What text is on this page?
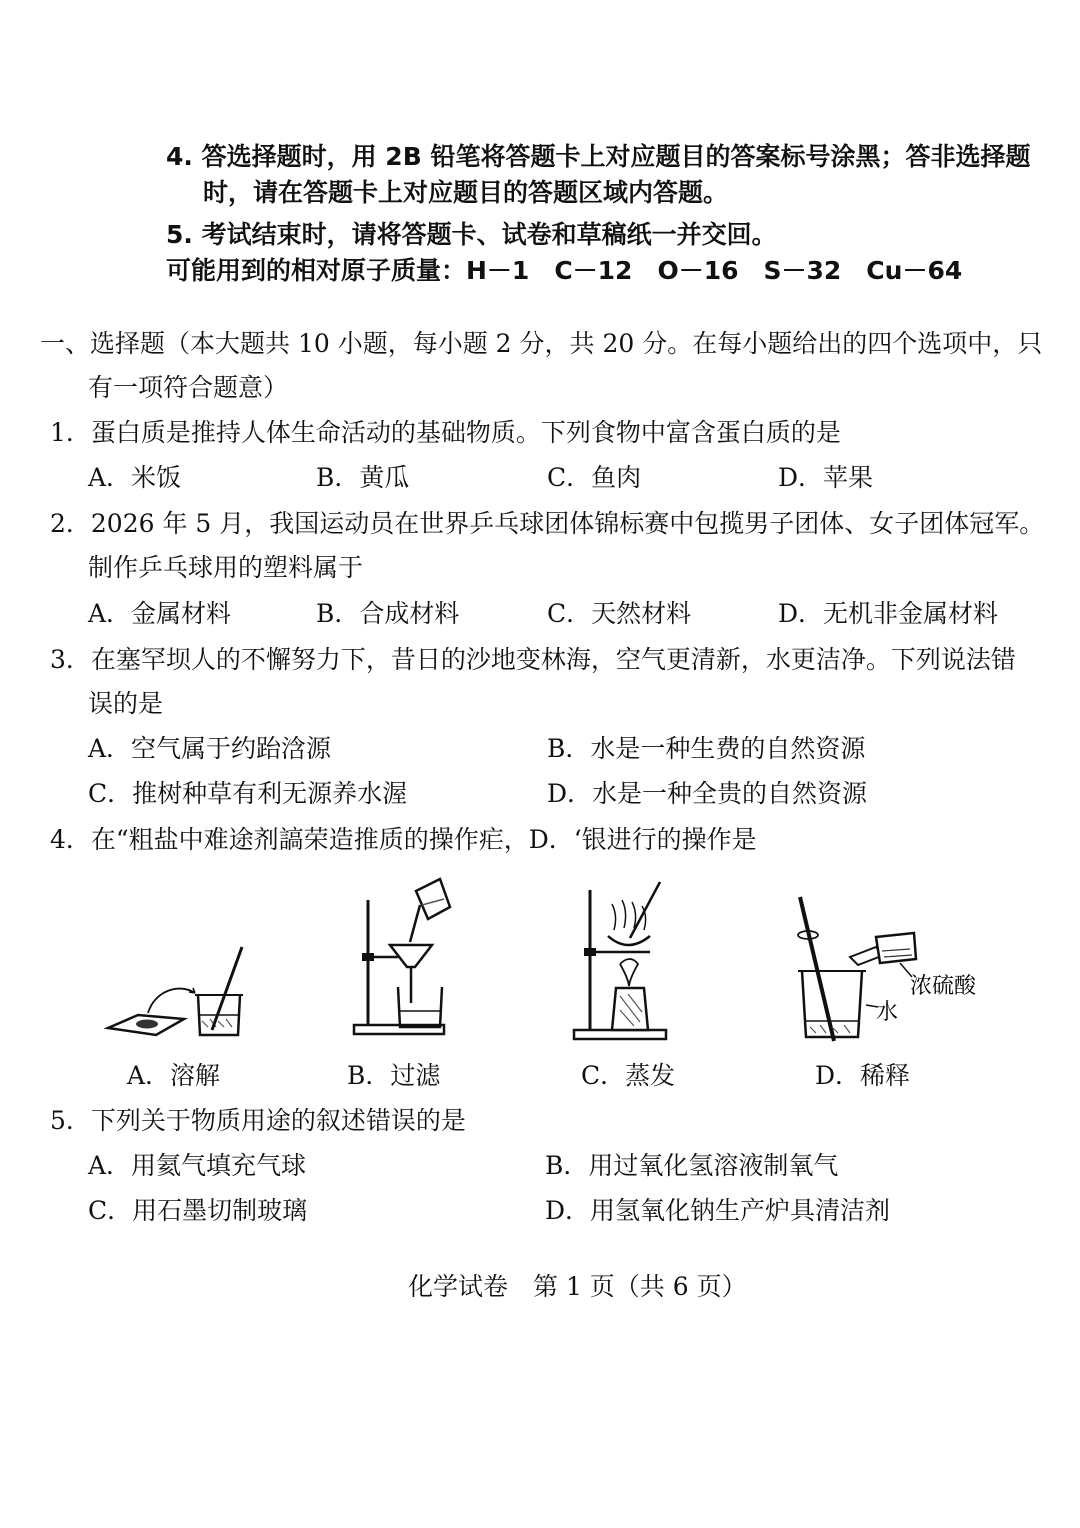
4. 答选择题时，用 2B 铅笔将答题卡上对应题目的答案标号涂黑；答非选择题
时，请在答题卡上对应题目的答题区域内答题。
5. 考试结束时，请将答题卡、试卷和草稿纸一并交回。
可能用到的相对原子质量：H－1　C－12　O－16　S－32　Cu－64
一、选择题（本大题共 10 小题，每小题 2 分，共 20 分。在每小题给出的四个选项中，只
有一项符合题意）
1．蛋白质是推持人体生命活动的基础物质。下列食物中富含蛋白质的是
A．米饭	B．黄瓜	C．鱼肉	D．苹果
2．2026 年 5 月，我国运动员在世界乒乓球团体锦标赛中包揽男子团体、女子团体冠军。
制作乒乓球用的塑料属于
A．金属材料	B．合成材料	C．天然材料	D．无机非金属材料
3．在塞罕坝人的不懈努力下，昔日的沙地变林海，空气更清新，水更洁净。下列说法错
误的是
A．空气属于约跆浛源	B．水是一种生费的自然资源
C．推树种草有利无源养水渥	D．水是一种全贵的自然资源
4．在“粗盐中难途剂謞荣造推质的操作疟，D．‘银进行的操作是
浓硫酸
水
A．溶解	B．过滤	C．蒸发	D．稀释
5．下列关于物质用途的叙述错误的是
A．用氦气填充气球	B．用过氧化氢溶液制氧气
C．用石墨切制玻璃	D．用氢氧化钠生产炉具清洁剂
化学试卷　第 1 页（共 6 页）
